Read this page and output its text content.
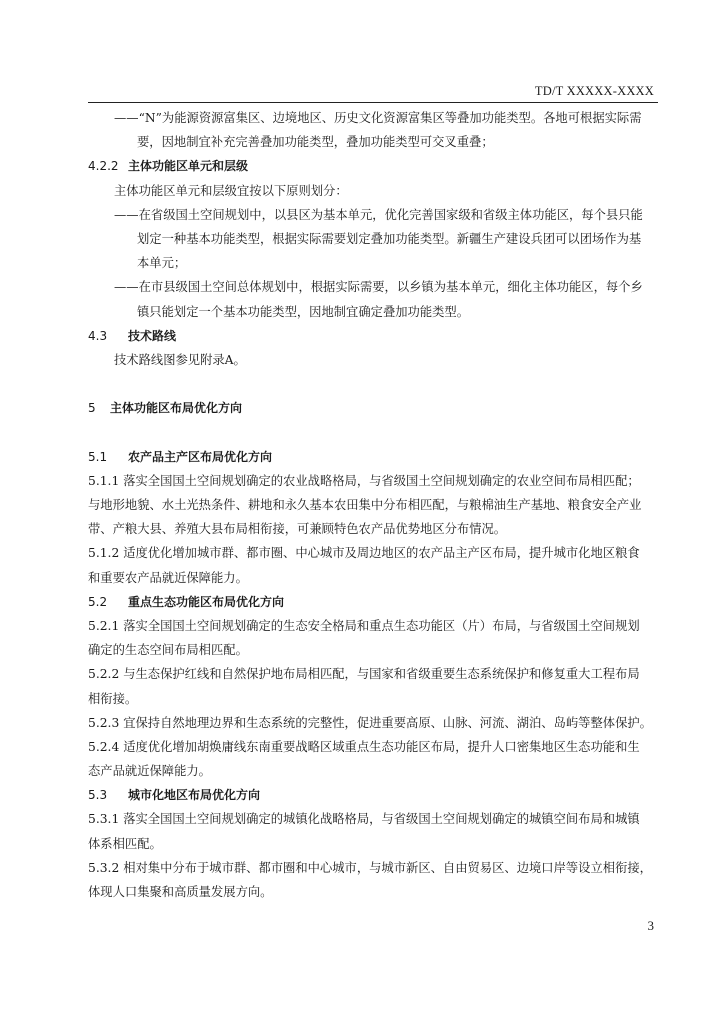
TD/T XXXXX-XXXX
——“N”为能源资源富集区、边境地区、历史文化资源富集区等叠加功能类型。各地可根据实际需
要，因地制宜补充完善叠加功能类型，叠加功能类型可交叉重叠；
4.2.2 主体功能区单元和层级
主体功能区单元和层级宜按以下原则划分：
——在省级国土空间规划中，以县区为基本单元，优化完善国家级和省级主体功能区，每个县只能
划定一种基本功能类型，根据实际需要划定叠加功能类型。新疆生产建设兵团可以团场作为基
本单元；
——在市县级国土空间总体规划中，根据实际需要，以乡镇为基本单元，细化主体功能区，每个乡
镇只能划定一个基本功能类型，因地制宜确定叠加功能类型。
4.3 技术路线
技术路线图参见附录A。
5 主体功能区布局优化方向
5.1 农产品主产区布局优化方向
5.1.1 落实全国国土空间规划确定的农业战略格局，与省级国土空间规划确定的农业空间布局相匹配；
与地形地貌、水土光热条件、耕地和永久基本农田集中分布相匹配，与粮棉油生产基地、粮食安全产业
带、产粮大县、养殖大县布局相衔接，可兼顾特色农产品优势地区分布情况。
5.1.2 适度优化增加城市群、都市圈、中心城市及周边地区的农产品主产区布局，提升城市化地区粮食
和重要农产品就近保障能力。
5.2 重点生态功能区布局优化方向
5.2.1 落实全国国土空间规划确定的生态安全格局和重点生态功能区（片）布局，与省级国土空间规划
确定的生态空间布局相匹配。
5.2.2 与生态保护红线和自然保护地布局相匹配，与国家和省级重要生态系统保护和修复重大工程布局
相衔接。
5.2.3 宜保持自然地理边界和生态系统的完整性，促进重要高原、山脉、河流、湖泊、岛屿等整体保护。
5.2.4 适度优化增加胡焕庸线东南重要战略区域重点生态功能区布局，提升人口密集地区生态功能和生
态产品就近保障能力。
5.3 城市化地区布局优化方向
5.3.1 落实全国国土空间规划确定的城镇化战略格局，与省级国土空间规划确定的城镇空间布局和城镇
体系相匹配。
5.3.2 相对集中分布于城市群、都市圈和中心城市，与城市新区、自由贸易区、边境口岸等设立相衔接，
体现人口集聚和高质量发展方向。
3
